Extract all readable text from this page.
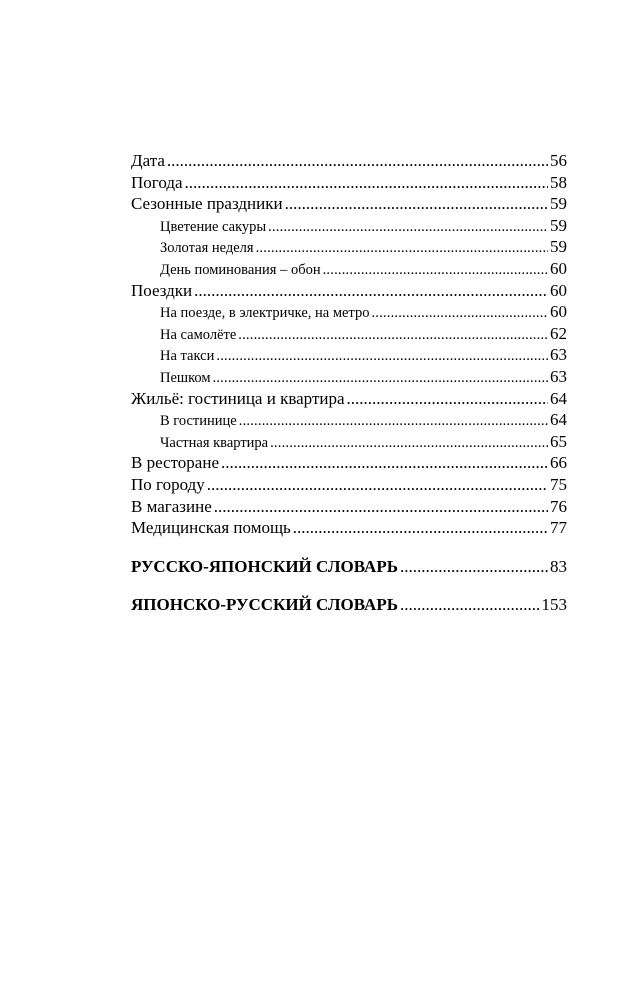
Дата .....	56
Погода .....	58
Сезонные праздники .....	59
Цветение сакуры .....	59
Золотая неделя .....	59
День поминования – обон .....	60
Поездки .....	60
На поезде, в электричке, на метро .....	60
На самолёте .....	62
На такси .....	63
Пешком .....	63
Жильё: гостиница и квартира .....	64
В гостинице .....	64
Частная квартира .....	65
В ресторане .....	66
По городу .....	75
В магазине .....	76
Медицинская помощь .....	77
РУССКО-ЯПОНСКИЙ СЛОВАРЬ .....	83
ЯПОНСКО-РУССКИЙ СЛОВАРЬ .....	153
